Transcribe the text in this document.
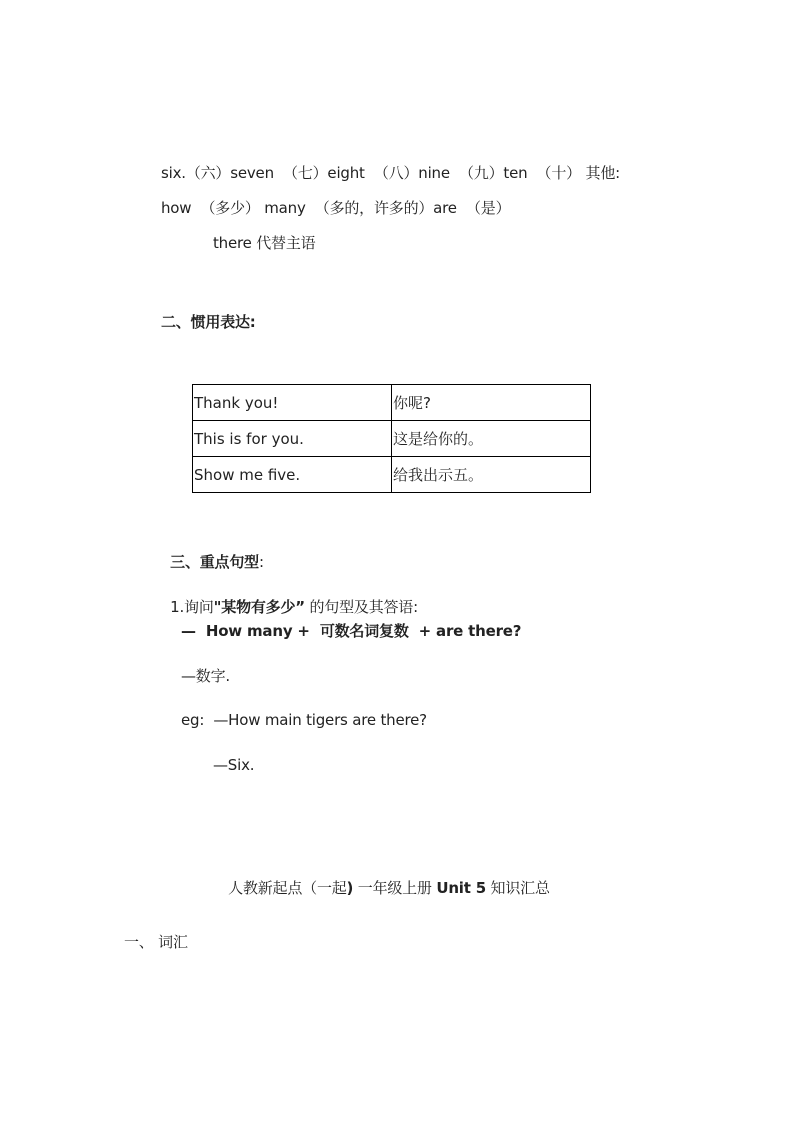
six.（六）seven  （七）eight  （八）nine  （九）ten  （十） 其他:
how  （多少） many  （多的，许多的）are  （是）
there 代替主语
二、惯用表达:
Thank you!	你呢?
This is for you.	这是给你的。
Show me five.	给我出示五。

三、重点句型:

1.询问"某物有多少” 的句型及其答语:

—  How many +  可数名词复数  + are there?
—数字.
eg:  —How main tigers are there?
—Six.

人教新起点（一起) 一年级上册 Unit 5 知识汇总

一、 词汇
